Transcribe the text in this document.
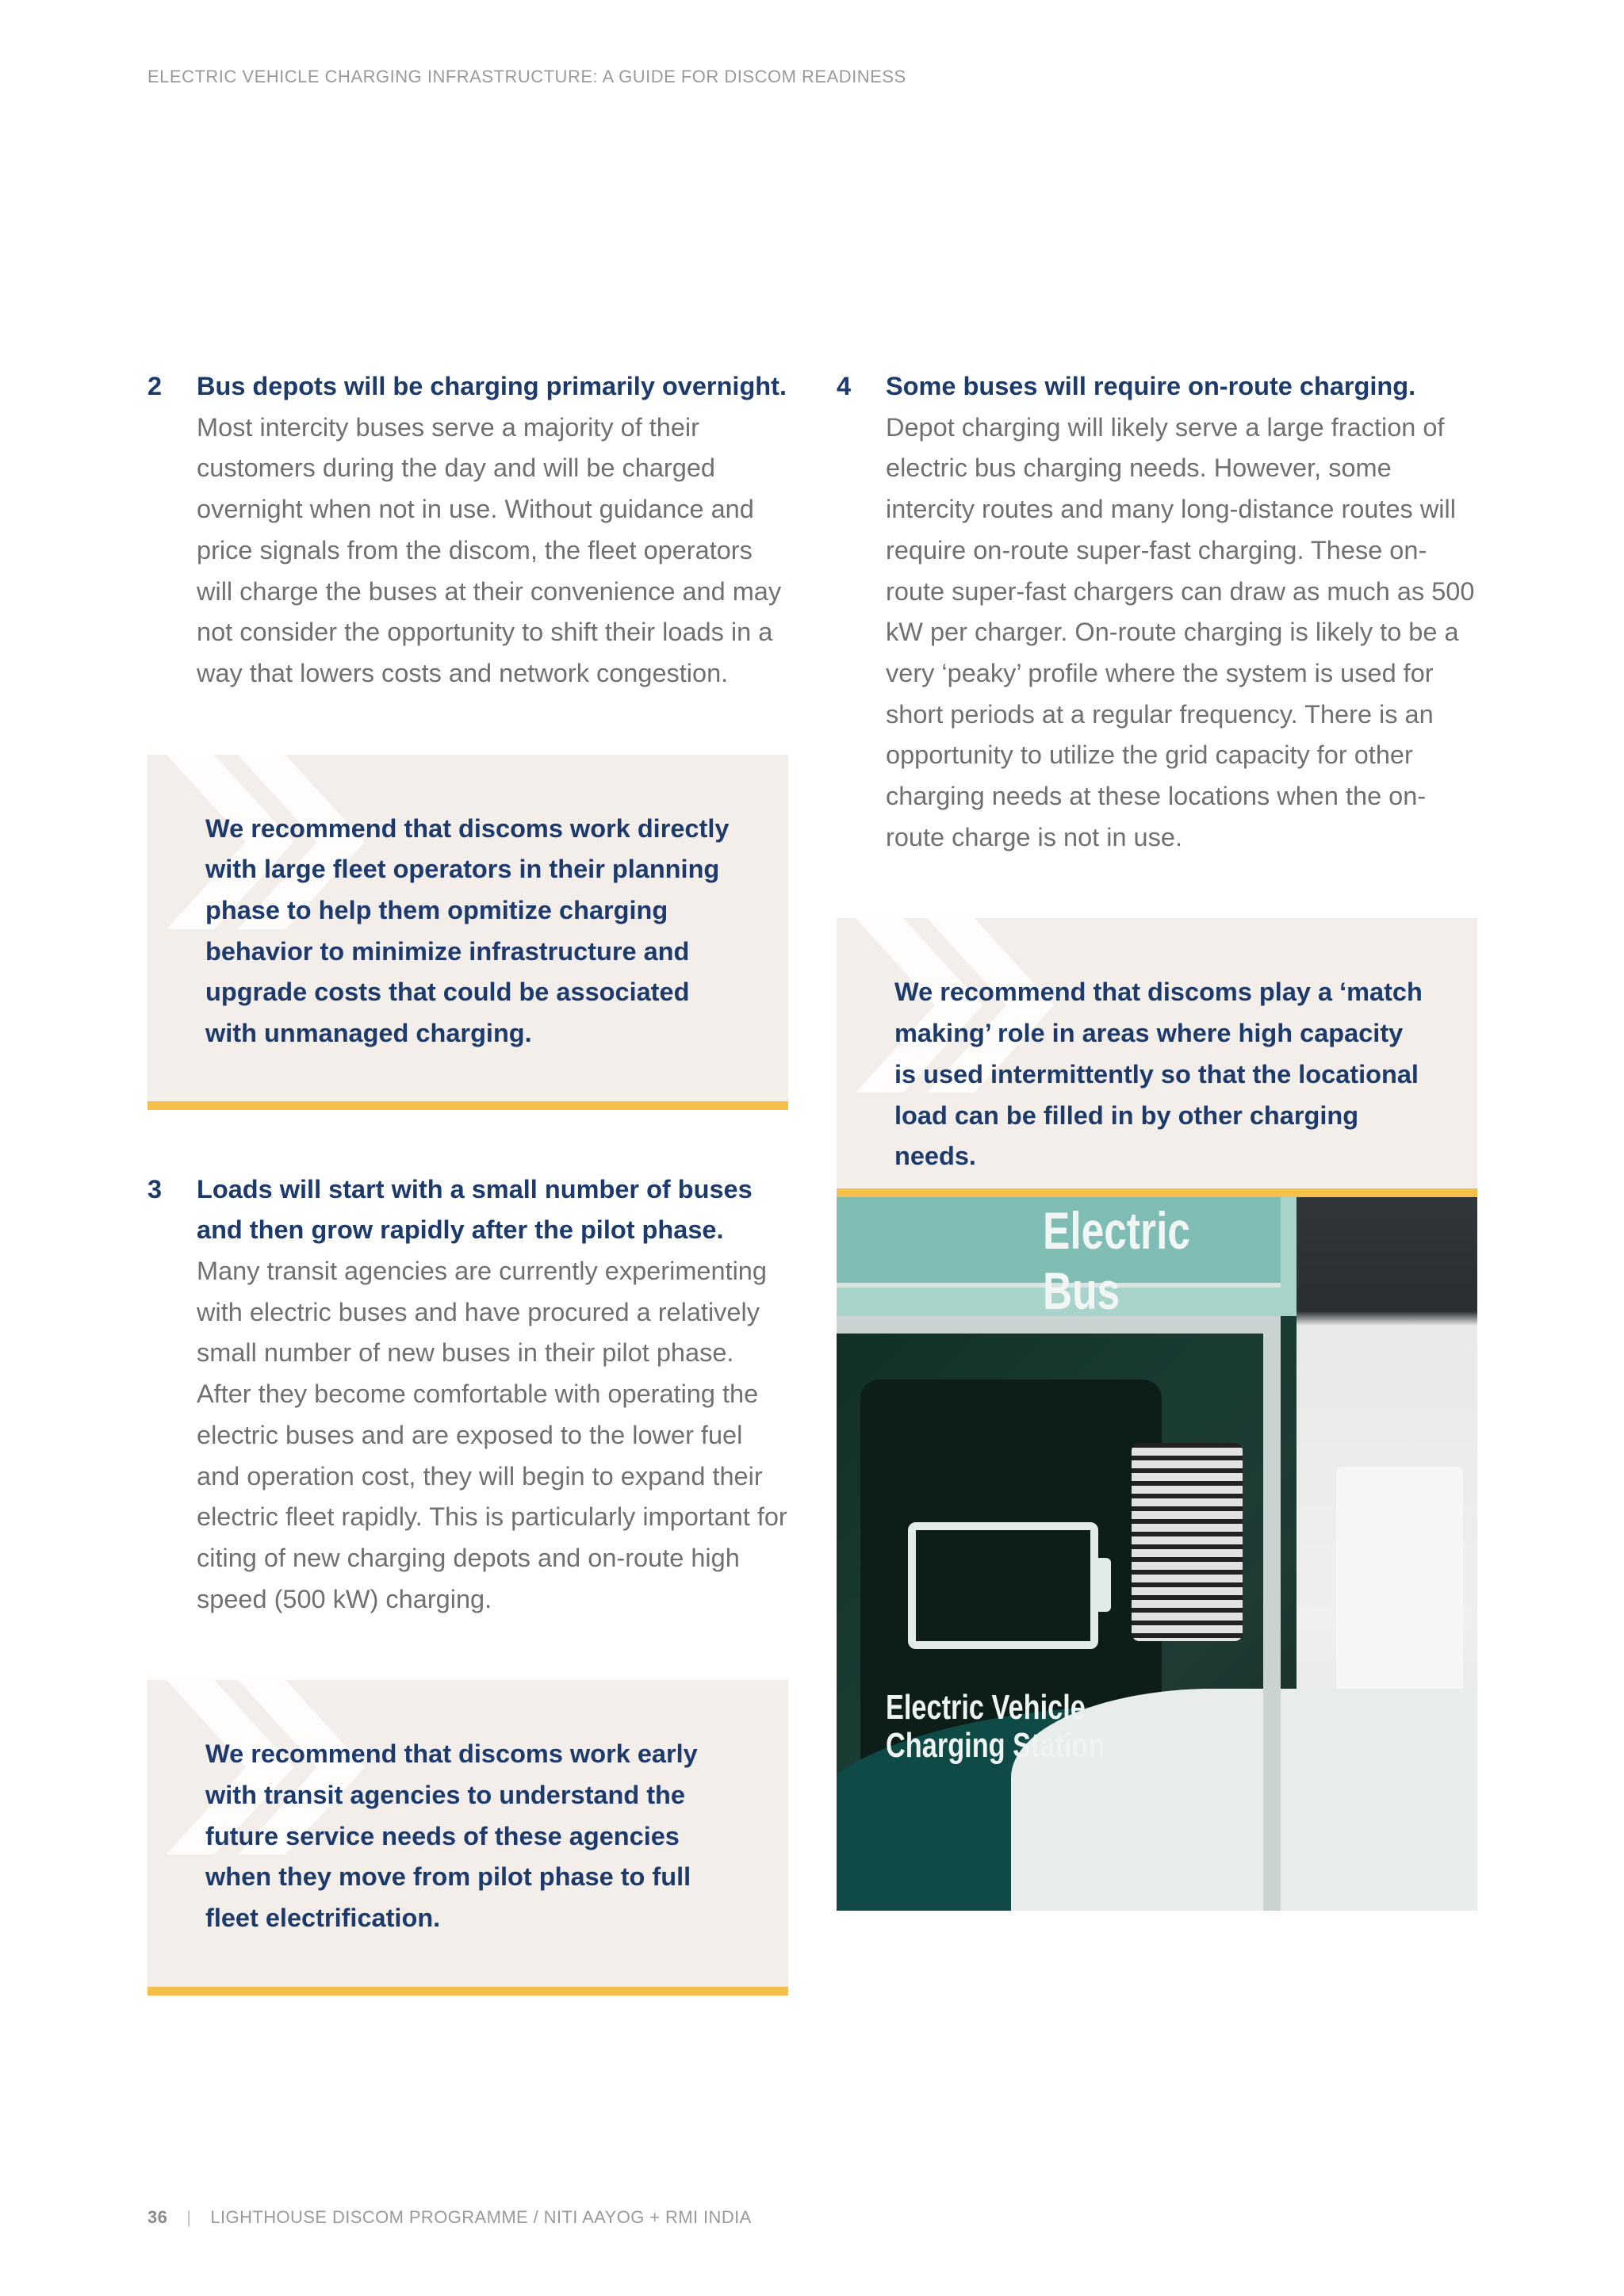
ELECTRIC VEHICLE CHARGING INFRASTRUCTURE: A GUIDE FOR DISCOM READINESS
2 Bus depots will be charging primarily overnight. Most intercity buses serve a majority of their customers during the day and will be charged overnight when not in use. Without guidance and price signals from the discom, the fleet operators will charge the buses at their convenience and may not consider the opportunity to shift their loads in a way that lowers costs and network congestion.
We recommend that discoms work directly with large fleet operators in their planning phase to help them opmitize charging behavior to minimize infrastructure and upgrade costs that could be associated with unmanaged charging.
3 Loads will start with a small number of buses and then grow rapidly after the pilot phase. Many transit agencies are currently experimenting with electric buses and have procured a relatively small number of new buses in their pilot phase. After they become comfortable with operating the electric buses and are exposed to the lower fuel and operation cost, they will begin to expand their electric fleet rapidly. This is particularly important for citing of new charging depots and on-route high speed (500 kW) charging.
We recommend that discoms work early with transit agencies to understand the future service needs of these agencies when they move from pilot phase to full fleet electrification.
4 Some buses will require on-route charging. Depot charging will likely serve a large fraction of electric bus charging needs. However, some intercity routes and many long-distance routes will require on-route super-fast charging. These on-route super-fast chargers can draw as much as 500 kW per charger. On-route charging is likely to be a very ‘peaky’ profile where the system is used for short periods at a regular frequency. There is an opportunity to utilize the grid capacity for other charging needs at these locations when the on-route charge is not in use.
We recommend that discoms play a ‘match making’ role in areas where high capacity is used intermittently so that the locational load can be filled in by other charging needs.
Electric Bus
Electric Vehicle
Charging Station
36 | LIGHTHOUSE DISCOM PROGRAMME / NITI AAYOG + RMI INDIA
